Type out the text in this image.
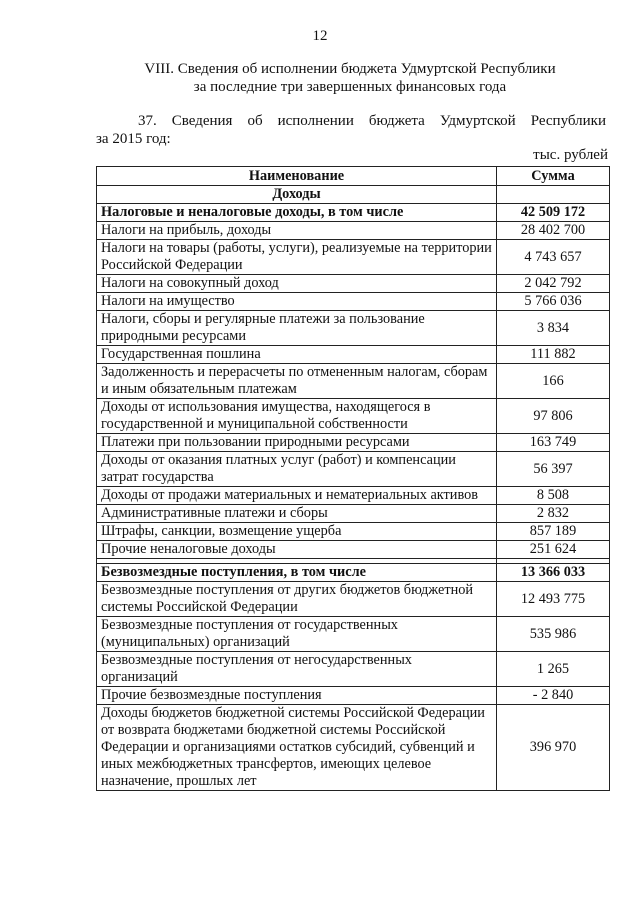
12
VIII. Сведения об исполнении бюджета Удмуртской Республики
за последние три завершенных финансовых года
37. Сведения об исполнении бюджета Удмуртской Республики
за 2015 год:
тыс. рублей
Наименование	Сумма
Доходы	
Налоговые и неналоговые доходы, в том числе	42 509 172
Налоги на прибыль, доходы	28 402 700
Налоги на товары (работы, услуги), реализуемые на территории Российской Федерации	4 743 657
Налоги на совокупный доход	2 042 792
Налоги на имущество	5 766 036
Налоги, сборы и регулярные платежи за пользование природными ресурсами	3 834
Государственная пошлина	111 882
Задолженность и перерасчеты по отмененным налогам, сборам и иным обязательным платежам	166
Доходы от использования имущества, находящегося в государственной и муниципальной собственности	97 806
Платежи при пользовании природными ресурсами	163 749
Доходы от оказания платных услуг (работ) и компенсации затрат государства	56 397
Доходы от продажи материальных и нематериальных активов	8 508
Административные платежи и сборы	2 832
Штрафы, санкции, возмещение ущерба	857 189
Прочие неналоговые доходы	251 624

Безвозмездные поступления, в том числе	13 366 033
Безвозмездные поступления от других бюджетов бюджетной системы Российской Федерации	12 493 775
Безвозмездные поступления от государственных (муниципальных) организаций	535 986
Безвозмездные поступления от негосударственных организаций	1 265
Прочие безвозмездные поступления	- 2 840
Доходы бюджетов бюджетной системы Российской Федерации от возврата бюджетами бюджетной системы Российской Федерации и организациями остатков субсидий, субвенций и иных межбюджетных трансфертов, имеющих целевое назначение, прошлых лет	396 970
